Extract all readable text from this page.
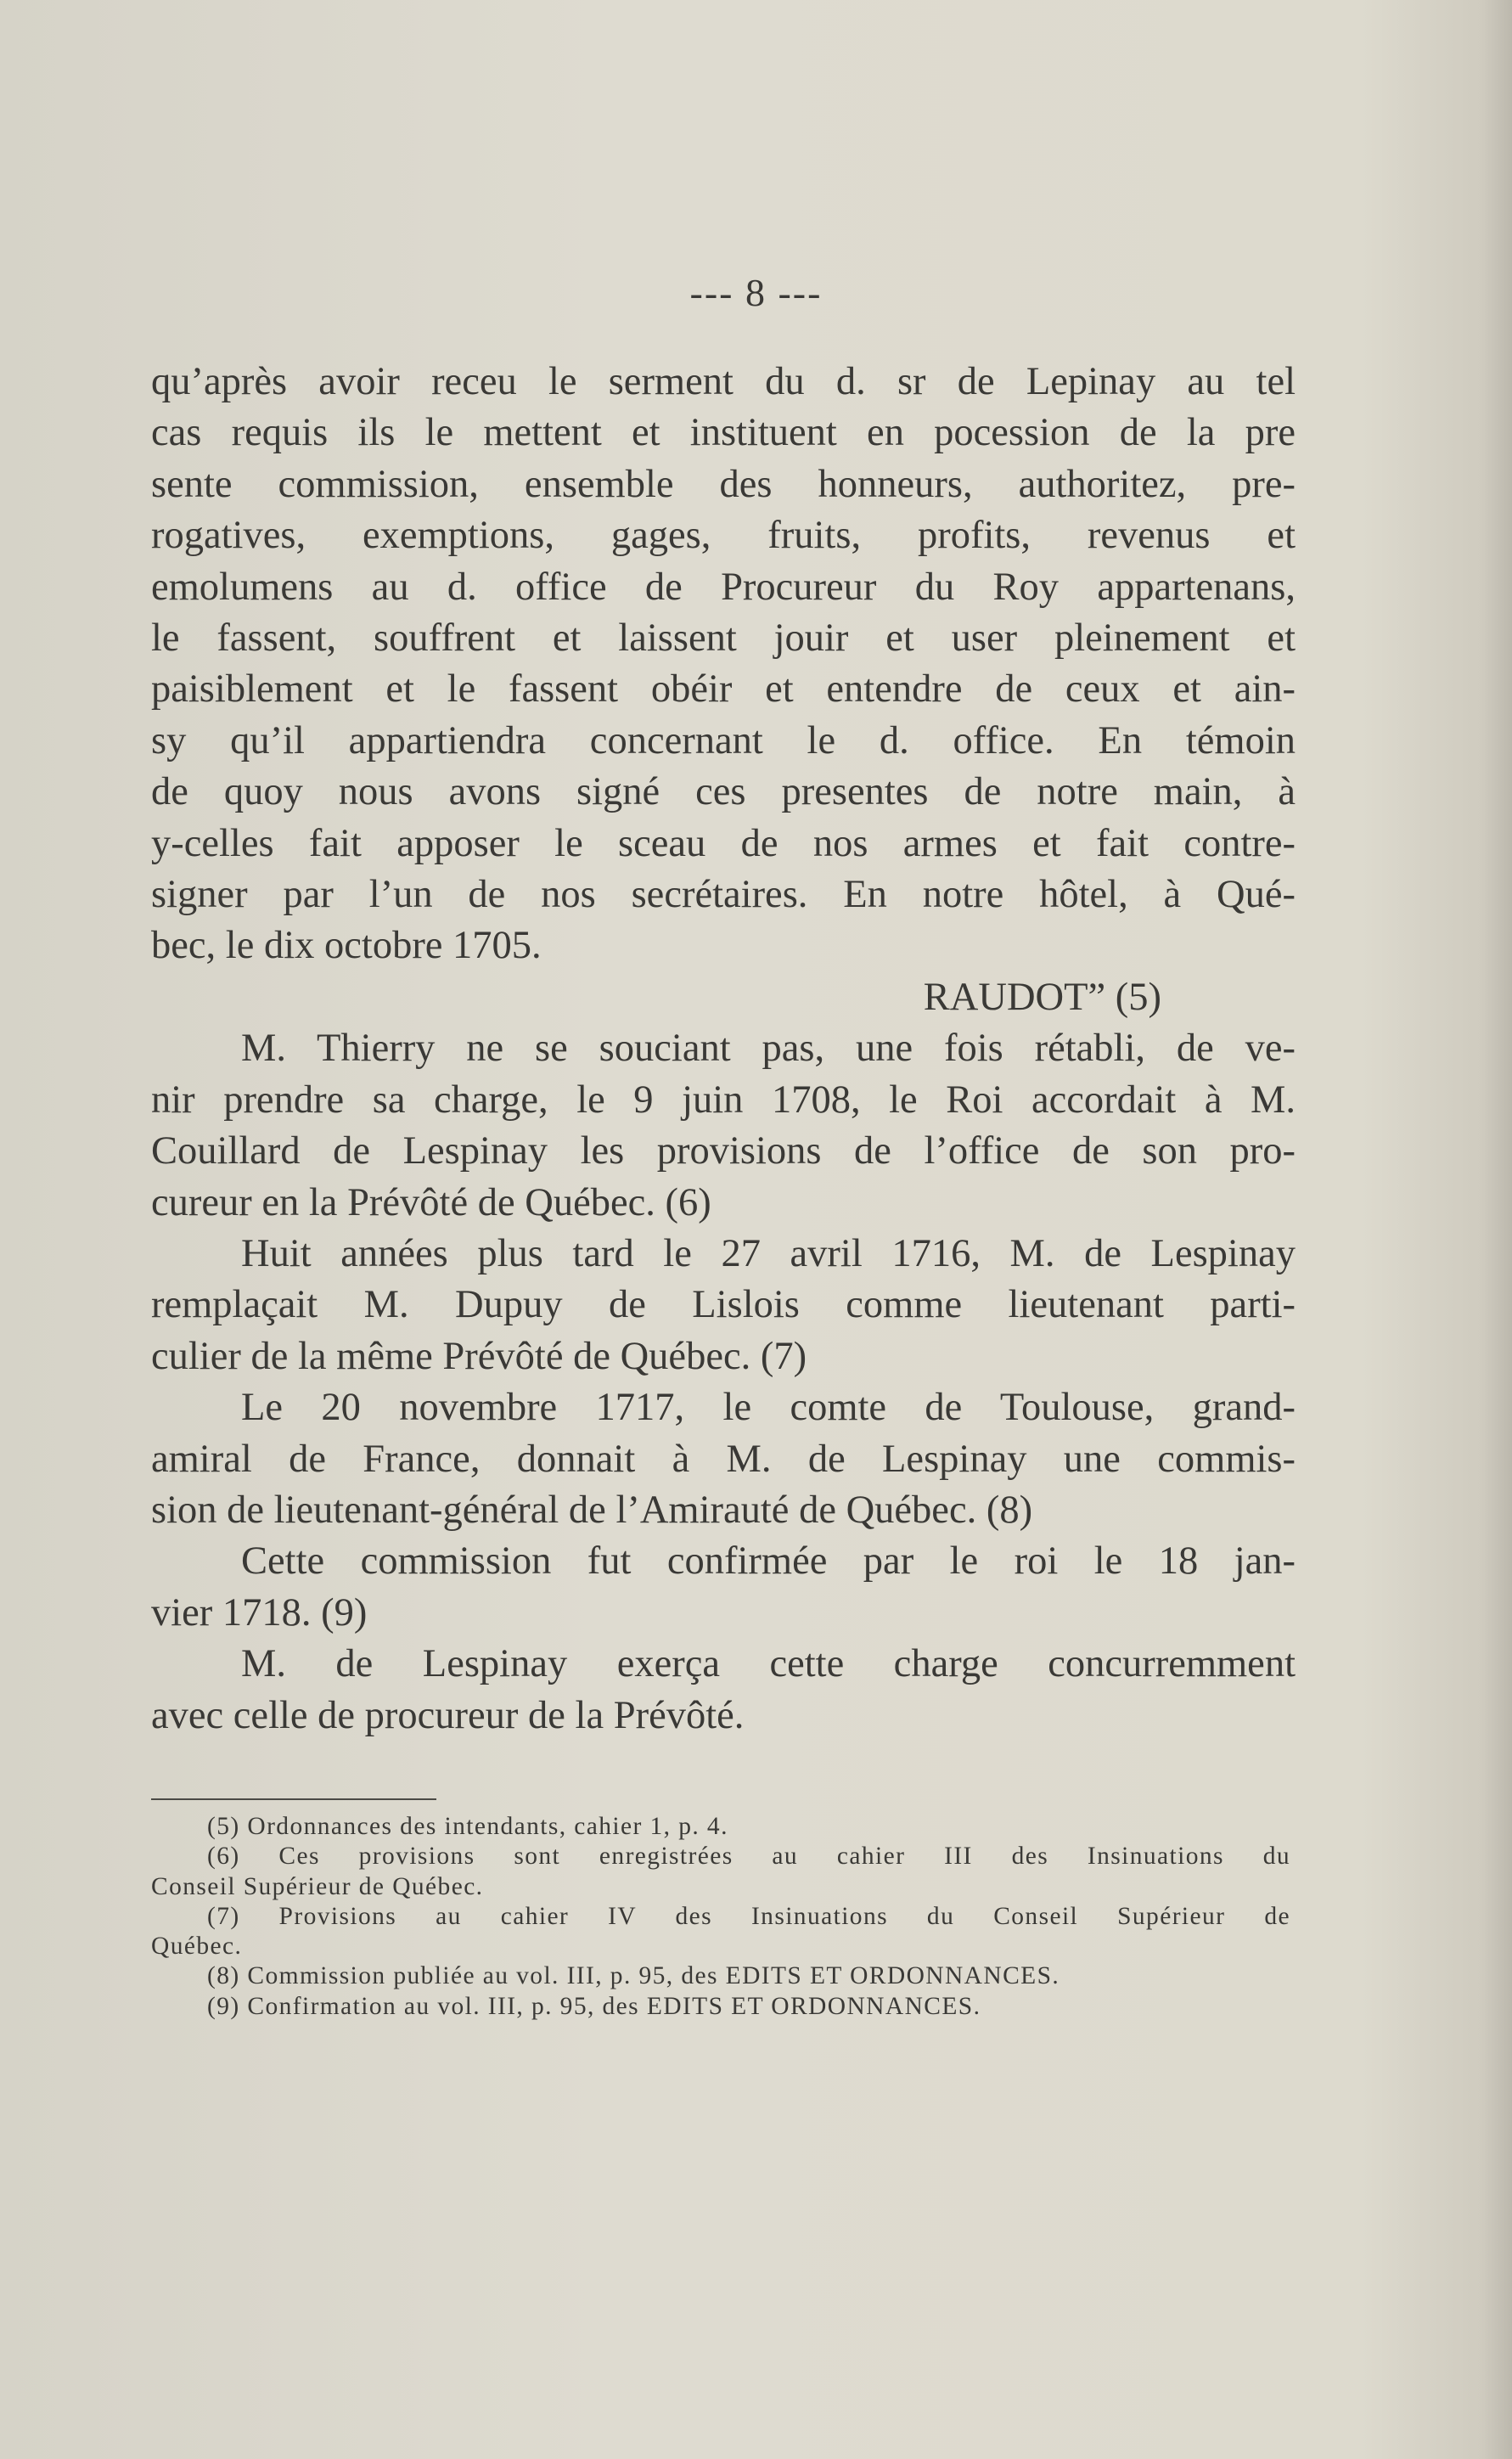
--- 8 ---

qu’après avoir receu le serment du d. sr de Lepinay au tel
cas requis ils le mettent et instituent en pocession de la pre
sente commission, ensemble des honneurs, authoritez, pre-
rogatives, exemptions, gages, fruits, profits, revenus et
emolumens au d. office de Procureur du Roy appartenans,
le fassent, souffrent et laissent jouir et user pleinement et
paisiblement et le fassent obéir et entendre de ceux et ain-
sy qu’il appartiendra concernant le d. office. En témoin
de quoy nous avons signé ces presentes de notre main, à
y-celles fait apposer le sceau de nos armes et fait contre-
signer par l’un de nos secrétaires. En notre hôtel, à Qué-
bec, le dix octobre 1705.

RAUDOT” (5)

M. Thierry ne se souciant pas, une fois rétabli, de ve-
nir prendre sa charge, le 9 juin 1708, le Roi accordait à M.
Couillard de Lespinay les provisions de l’office de son pro-
cureur en la Prévôté de Québec. (6)

Huit années plus tard le 27 avril 1716, M. de Lespinay
remplaçait M. Dupuy de Lislois comme lieutenant parti-
culier de la même Prévôté de Québec. (7)

Le 20 novembre 1717, le comte de Toulouse, grand-
amiral de France, donnait à M. de Lespinay une commis-
sion de lieutenant-général de l’Amirauté de Québec. (8)

Cette commission fut confirmée par le roi le 18 jan-
vier 1718. (9)

M. de Lespinay exerça cette charge concurremment
avec celle de procureur de la Prévôté.

(5) Ordonnances des intendants, cahier 1, p. 4.
(6) Ces provisions sont enregistrées au cahier III des Insinuations du
Conseil Supérieur de Québec.
(7) Provisions au cahier IV des Insinuations du Conseil Supérieur de
Québec.
(8) Commission publiée au vol. III, p. 95, des EDITS ET ORDONNANCES.
(9) Confirmation au vol. III, p. 95, des EDITS ET ORDONNANCES.
